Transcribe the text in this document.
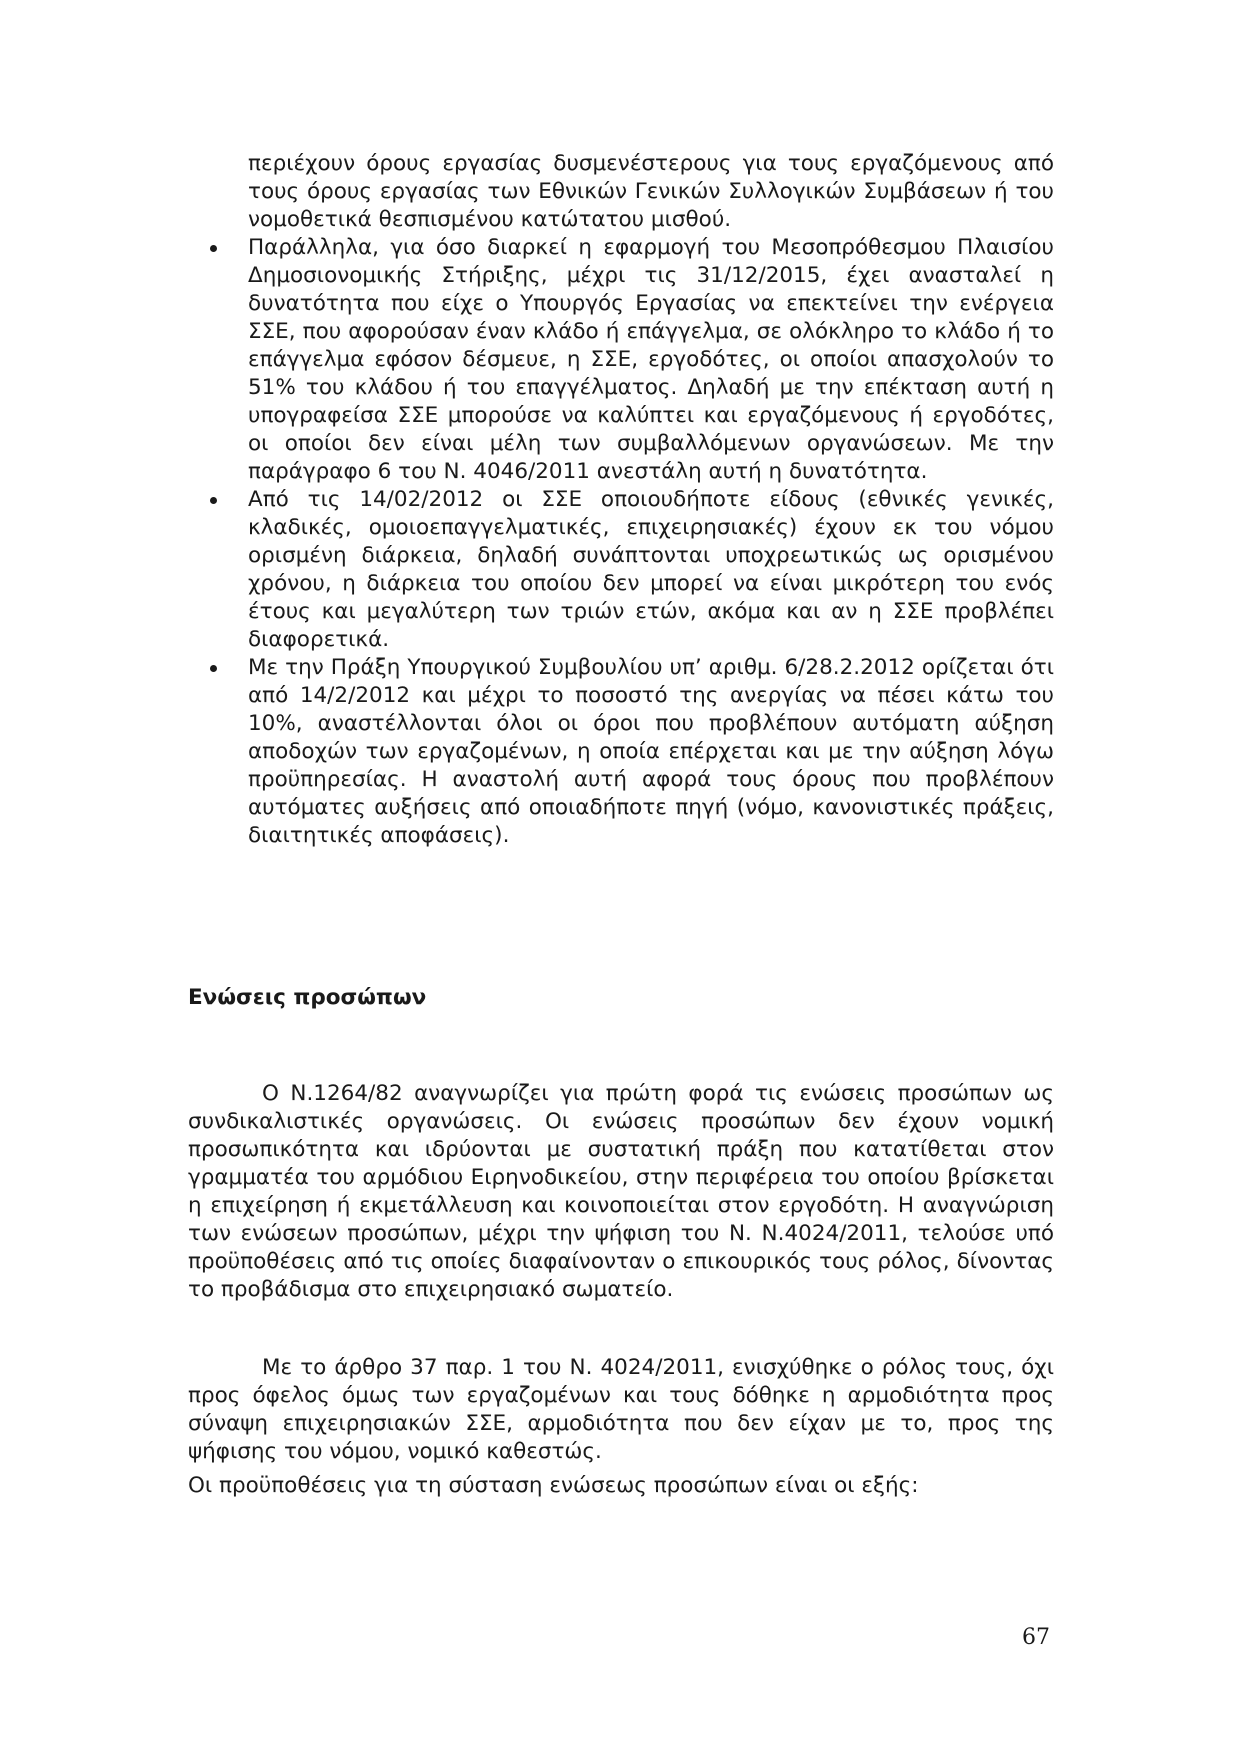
περιέχουν όρους εργασίας δυσμενέστερους για τους εργαζόμενους από τους όρους εργασίας των Εθνικών Γενικών Συλλογικών Συμβάσεων ή του νομοθετικά θεσπισμένου κατώτατου μισθού.

Παράλληλα, για όσο διαρκεί η εφαρμογή του Μεσοπρόθεσμου Πλαισίου Δημοσιονομικής Στήριξης, μέχρι τις 31/12/2015, έχει ανασταλεί η δυνατότητα που είχε ο Υπουργός Εργασίας να επεκτείνει την ενέργεια ΣΣΕ, που αφορούσαν έναν κλάδο ή επάγγελμα, σε ολόκληρο το κλάδο ή το επάγγελμα εφόσον δέσμευε, η ΣΣΕ, εργοδότες, οι οποίοι απασχολούν το 51% του κλάδου ή του επαγγέλματος. Δηλαδή με την επέκταση αυτή η υπογραφείσα ΣΣΕ μπορούσε να καλύπτει και εργαζόμενους ή εργοδότες, οι οποίοι δεν είναι μέλη των συμβαλλόμενων οργανώσεων. Με την παράγραφο 6 του Ν. 4046/2011 ανεστάλη αυτή η δυνατότητα.

Από τις 14/02/2012 οι ΣΣΕ οποιουδήποτε είδους (εθνικές γενικές, κλαδικές, ομοιοεπαγγελματικές, επιχειρησιακές) έχουν εκ του νόμου ορισμένη διάρκεια, δηλαδή συνάπτονται υποχρεωτικώς ως ορισμένου χρόνου, η διάρκεια του οποίου δεν μπορεί να είναι μικρότερη του ενός έτους και μεγαλύτερη των τριών ετών, ακόμα και αν η ΣΣΕ προβλέπει διαφορετικά.

Με την Πράξη Υπουργικού Συμβουλίου υπ’ αριθμ. 6/28.2.2012 ορίζεται ότι από 14/2/2012 και μέχρι το ποσοστό της ανεργίας να πέσει κάτω του 10%, αναστέλλονται όλοι οι όροι που προβλέπουν αυτόματη αύξηση αποδοχών των εργαζομένων, η οποία επέρχεται και με την αύξηση λόγω προϋπηρεσίας. Η αναστολή αυτή αφορά τους όρους που προβλέπουν αυτόματες αυξήσεις από οποιαδήποτε πηγή (νόμο, κανονιστικές πράξεις, διαιτητικές αποφάσεις).

Ενώσεις προσώπων

Ο Ν.1264/82 αναγνωρίζει για πρώτη φορά τις ενώσεις προσώπων ως συνδικαλιστικές οργανώσεις. Οι ενώσεις προσώπων δεν έχουν νομική προσωπικότητα και ιδρύονται με συστατική πράξη που κατατίθεται στον γραμματέα του αρμόδιου Ειρηνοδικείου, στην περιφέρεια του οποίου βρίσκεται η επιχείρηση ή εκμετάλλευση και κοινοποιείται στον εργοδότη. Η αναγνώριση των ενώσεων προσώπων, μέχρι την ψήφιση του Ν. Ν.4024/2011, τελούσε υπό προϋποθέσεις από τις οποίες διαφαίνονταν ο επικουρικός τους ρόλος, δίνοντας το προβάδισμα στο επιχειρησιακό σωματείο.

Με το άρθρο 37 παρ. 1 του Ν. 4024/2011, ενισχύθηκε ο ρόλος τους, όχι προς όφελος όμως των εργαζομένων και τους δόθηκε η αρμοδιότητα προς σύναψη επιχειρησιακών ΣΣΕ, αρμοδιότητα που δεν είχαν με το, προς της ψήφισης του νόμου, νομικό καθεστώς.

Οι προϋποθέσεις για τη σύσταση ενώσεως προσώπων είναι οι εξής:

67
